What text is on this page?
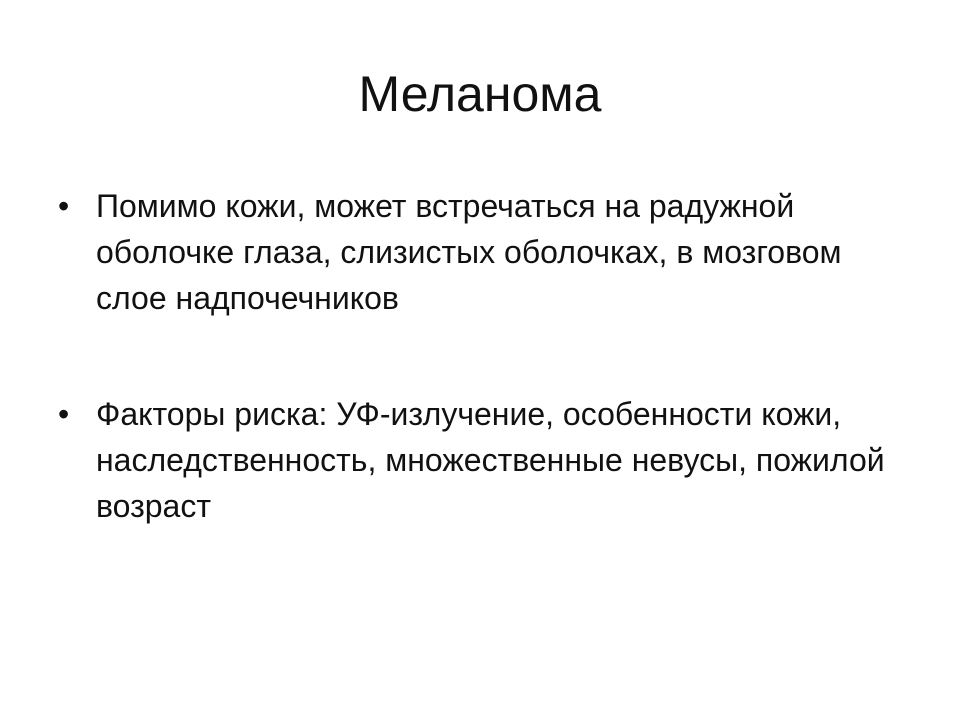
Меланома
• Помимо кожи, может встречаться на радужной оболочке глаза, слизистых оболочках, в мозговом слое надпочечников
• Факторы риска: УФ-излучение, особенности кожи, наследственность, множественные невусы, пожилой возраст
